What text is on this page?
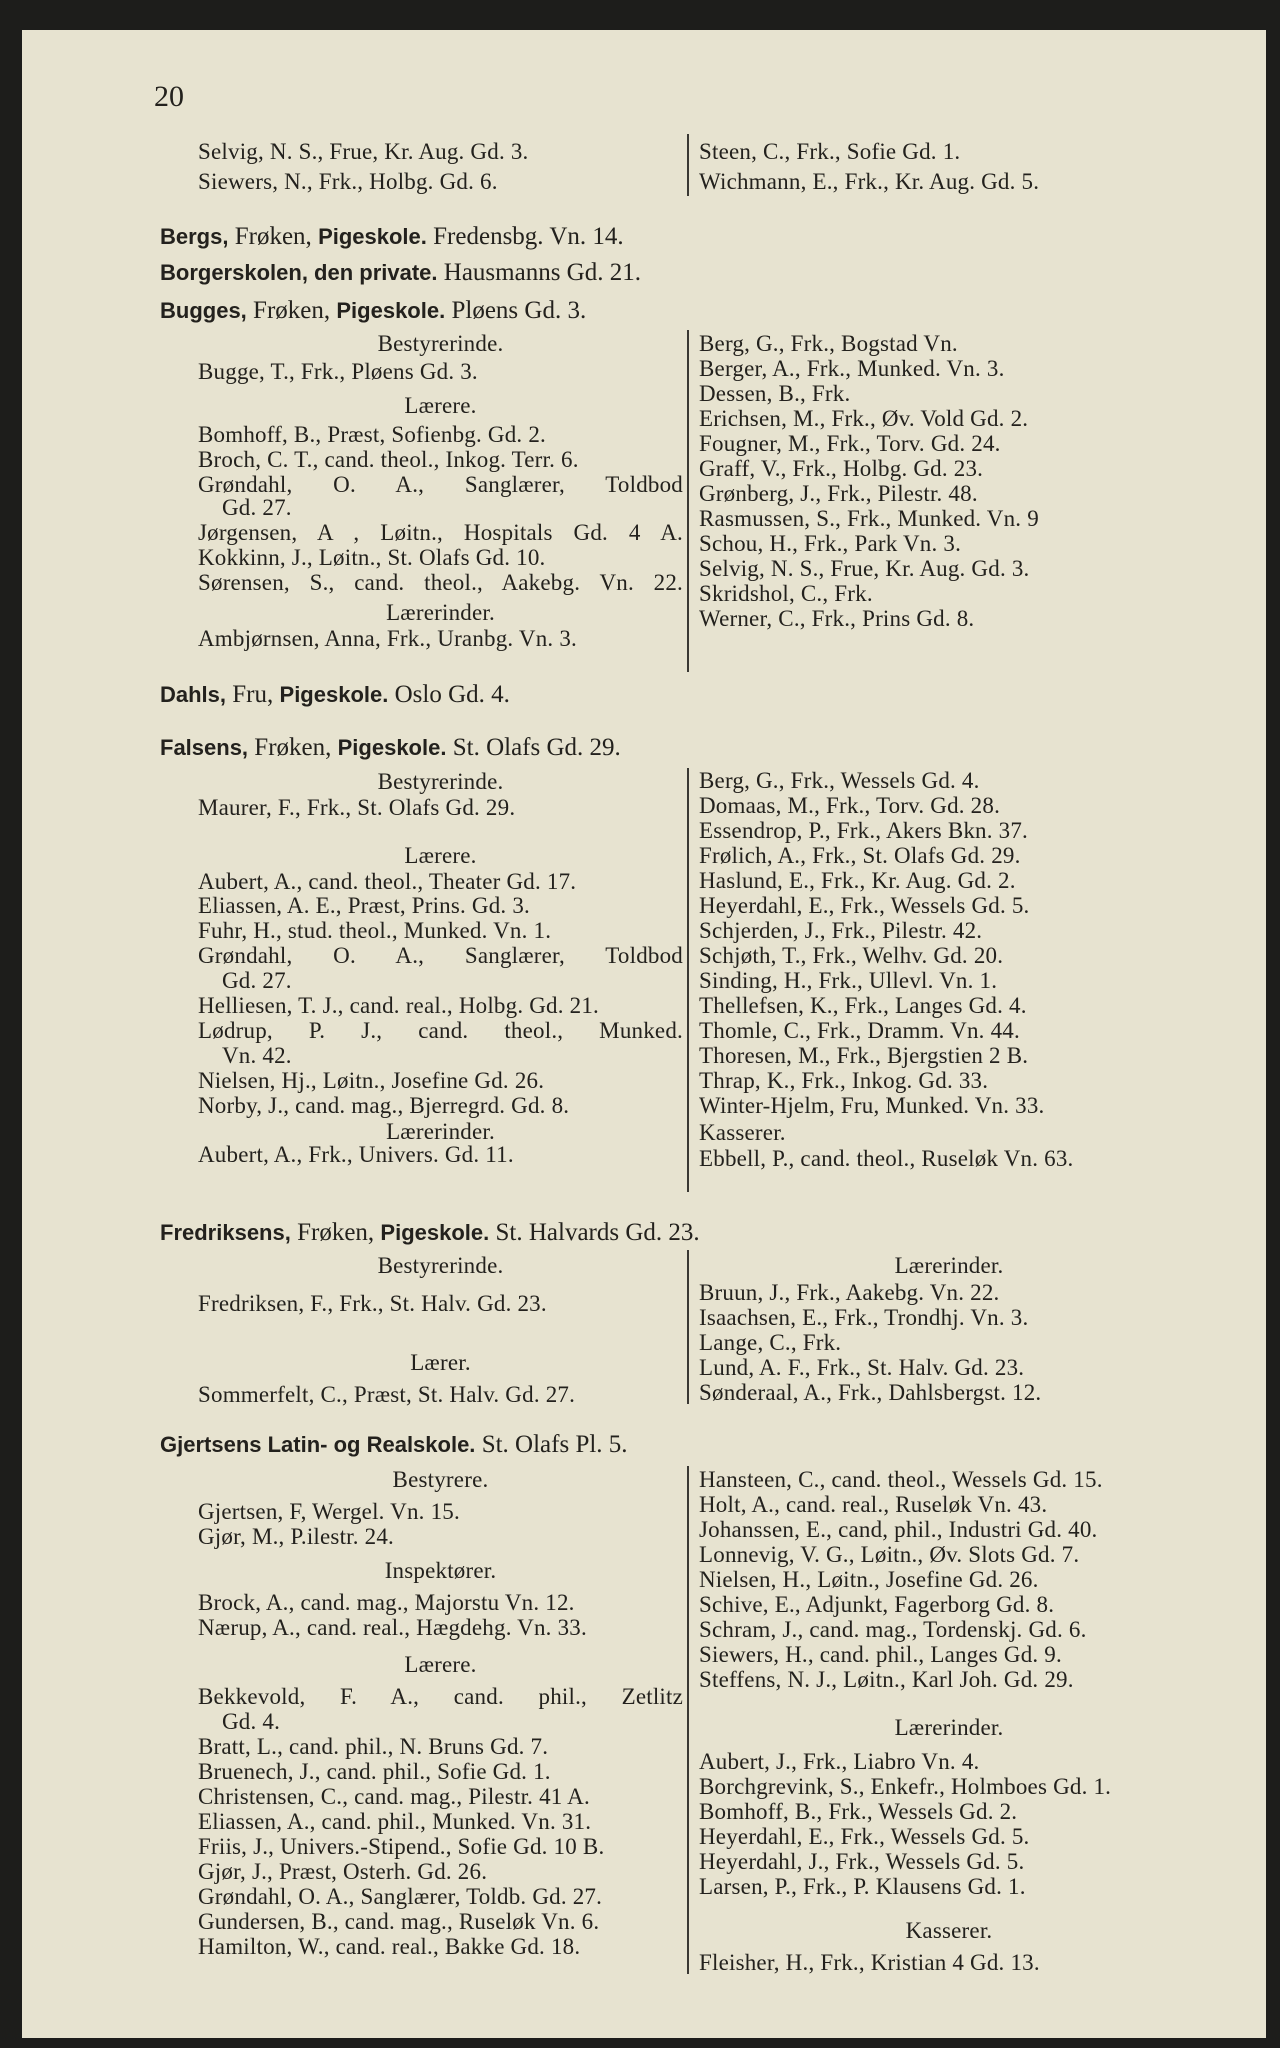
20
Selvig, N. S., Frue, Kr. Aug. Gd. 3.
Siewers, N., Frk., Holbg. Gd. 6.
Steen, C., Frk., Sofie Gd. 1.
Wichmann, E., Frk., Kr. Aug. Gd. 5.
Bergs, Frøken, Pigeskole. Fredensbg. Vn. 14.
Borgerskolen, den private. Hausmanns Gd. 21.
Bugges, Frøken, Pigeskole. Pløens Gd. 3.
Bestyrerinde.
Bugge, T., Frk., Pløens Gd. 3.
Lærere.
Bomhoff, B., Præst, Sofienbg. Gd. 2.
Broch, C. T., cand. theol., Inkog. Terr. 6.
Grøndahl, O. A., Sanglærer, Toldbod
Gd. 27.
Jørgensen, A , Løitn., Hospitals Gd. 4 A.
Kokkinn, J., Løitn., St. Olafs Gd. 10.
Sørensen, S., cand. theol., Aakebg. Vn. 22.
Lærerinder.
Ambjørnsen, Anna, Frk., Uranbg. Vn. 3.
Berg, G., Frk., Bogstad Vn.
Berger, A., Frk., Munked. Vn. 3.
Dessen, B., Frk.
Erichsen, M., Frk., Øv. Vold Gd. 2.
Fougner, M., Frk., Torv. Gd. 24.
Graff, V., Frk., Holbg. Gd. 23.
Grønberg, J., Frk., Pilestr. 48.
Rasmussen, S., Frk., Munked. Vn. 9
Schou, H., Frk., Park Vn. 3.
Selvig, N. S., Frue, Kr. Aug. Gd. 3.
Skridshol, C., Frk.
Werner, C., Frk., Prins Gd. 8.
Dahls, Fru, Pigeskole. Oslo Gd. 4.
Falsens, Frøken, Pigeskole. St. Olafs Gd. 29.
Bestyrerinde.
Maurer, F., Frk., St. Olafs Gd. 29.
Lærere.
Aubert, A., cand. theol., Theater Gd. 17.
Eliassen, A. E., Præst, Prins. Gd. 3.
Fuhr, H., stud. theol., Munked. Vn. 1.
Grøndahl, O. A., Sanglærer, Toldbod
Gd. 27.
Helliesen, T. J., cand. real., Holbg. Gd. 21.
Lødrup, P. J., cand. theol., Munked.
Vn. 42.
Nielsen, Hj., Løitn., Josefine Gd. 26.
Norby, J., cand. mag., Bjerregrd. Gd. 8.
Lærerinder.
Aubert, A., Frk., Univers. Gd. 11.
Berg, G., Frk., Wessels Gd. 4.
Domaas, M., Frk., Torv. Gd. 28.
Essendrop, P., Frk., Akers Bkn. 37.
Frølich, A., Frk., St. Olafs Gd. 29.
Haslund, E., Frk., Kr. Aug. Gd. 2.
Heyerdahl, E., Frk., Wessels Gd. 5.
Schjerden, J., Frk., Pilestr. 42.
Schjøth, T., Frk., Welhv. Gd. 20.
Sinding, H., Frk., Ullevl. Vn. 1.
Thellefsen, K., Frk., Langes Gd. 4.
Thomle, C., Frk., Dramm. Vn. 44.
Thoresen, M., Frk., Bjergstien 2 B.
Thrap, K., Frk., Inkog. Gd. 33.
Winter-Hjelm, Fru, Munked. Vn. 33.
Kasserer.
Ebbell, P., cand. theol., Ruseløk Vn. 63.
Fredriksens, Frøken, Pigeskole. St. Halvards Gd. 23.
Bestyrerinde.
Fredriksen, F., Frk., St. Halv. Gd. 23.
Lærer.
Sommerfelt, C., Præst, St. Halv. Gd. 27.
Lærerinder.
Bruun, J., Frk., Aakebg. Vn. 22.
Isaachsen, E., Frk., Trondhj. Vn. 3.
Lange, C., Frk.
Lund, A. F., Frk., St. Halv. Gd. 23.
Sønderaal, A., Frk., Dahlsbergst. 12.
Gjertsens Latin- og Realskole. St. Olafs Pl. 5.
Bestyrere.
Gjertsen, F, Wergel. Vn. 15.
Gjør, M., P.ilestr. 24.
Inspektører.
Brock, A., cand. mag., Majorstu Vn. 12.
Nærup, A., cand. real., Hægdehg. Vn. 33.
Lærere.
Bekkevold, F. A., cand. phil., Zetlitz
Gd. 4.
Bratt, L., cand. phil., N. Bruns Gd. 7.
Bruenech, J., cand. phil., Sofie Gd. 1.
Christensen, C., cand. mag., Pilestr. 41 A.
Eliassen, A., cand. phil., Munked. Vn. 31.
Friis, J., Univers.-Stipend., Sofie Gd. 10 B.
Gjør, J., Præst, Osterh. Gd. 26.
Grøndahl, O. A., Sanglærer, Toldb. Gd. 27.
Gundersen, B., cand. mag., Ruseløk Vn. 6.
Hamilton, W., cand. real., Bakke Gd. 18.
Hansteen, C., cand. theol., Wessels Gd. 15.
Holt, A., cand. real., Ruseløk Vn. 43.
Johanssen, E., cand, phil., Industri Gd. 40.
Lonnevig, V. G., Løitn., Øv. Slots Gd. 7.
Nielsen, H., Løitn., Josefine Gd. 26.
Schive, E., Adjunkt, Fagerborg Gd. 8.
Schram, J., cand. mag., Tordenskj. Gd. 6.
Siewers, H., cand. phil., Langes Gd. 9.
Steffens, N. J., Løitn., Karl Joh. Gd. 29.
Lærerinder.
Aubert, J., Frk., Liabro Vn. 4.
Borchgrevink, S., Enkefr., Holmboes Gd. 1.
Bomhoff, B., Frk., Wessels Gd. 2.
Heyerdahl, E., Frk., Wessels Gd. 5.
Heyerdahl, J., Frk., Wessels Gd. 5.
Larsen, P., Frk., P. Klausens Gd. 1.
Kasserer.
Fleisher, H., Frk., Kristian 4 Gd. 13.
